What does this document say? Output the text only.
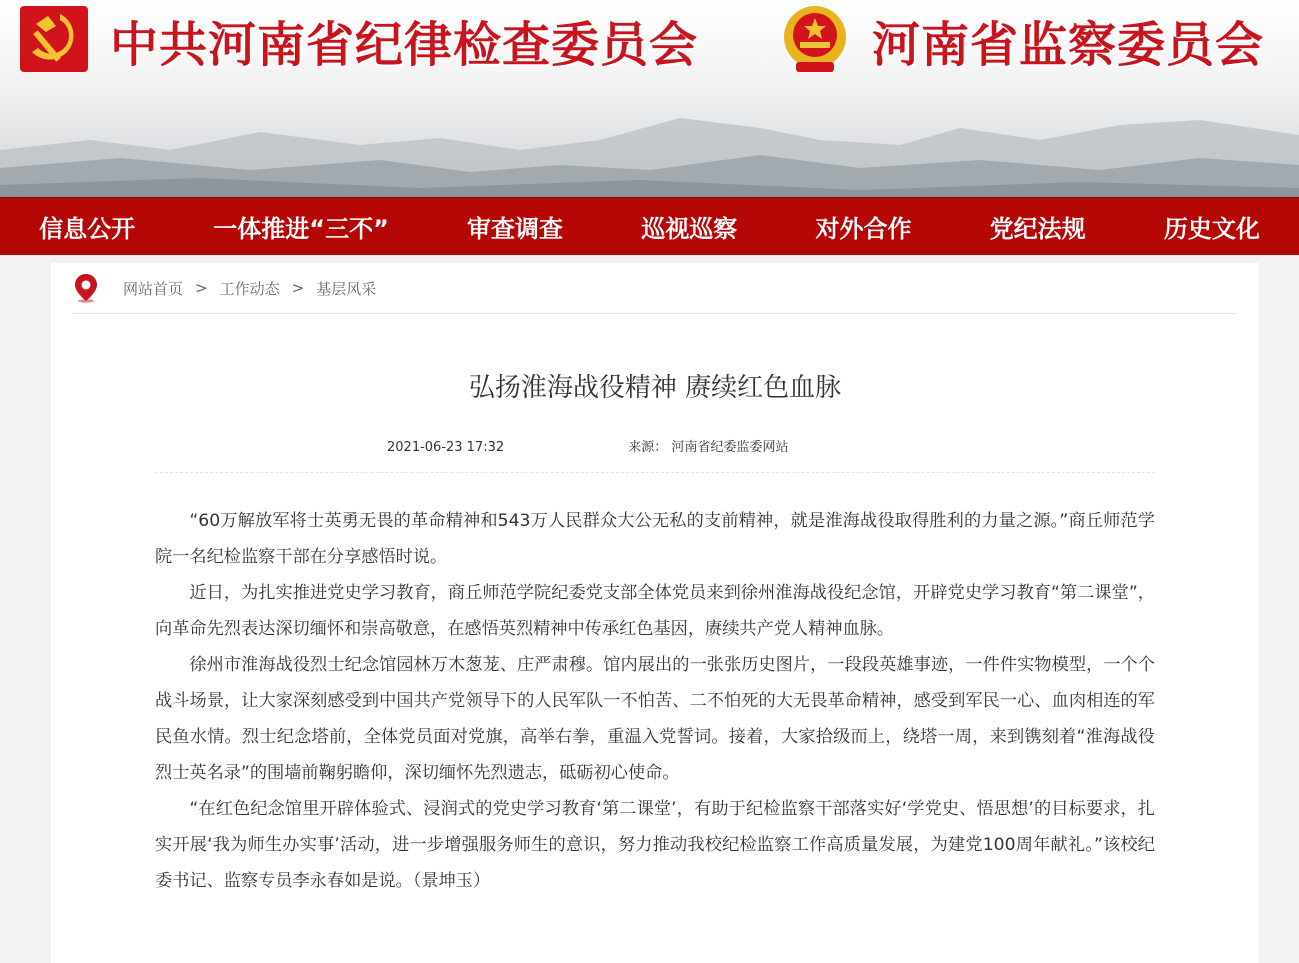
中共河南省纪律检查委员会	河南省监察委员会
信息公开	一体推进“三不”	审查调查	巡视巡察	对外合作	党纪法规	历史文化
网站首页 > 工作动态 > 基层风采
弘扬淮海战役精神 赓续红色血脉
2021-06-23 17:32	来源： 河南省纪委监委网站

“60万解放军将士英勇无畏的革命精神和543万人民群众大公无私的支前精神，就是淮海战役取得胜利的力量之源。”商丘师范学院一名纪检监察干部在分享感悟时说。

近日，为扎实推进党史学习教育，商丘师范学院纪委党支部全体党员来到徐州淮海战役纪念馆，开辟党史学习教育“第二课堂”，向革命先烈表达深切缅怀和崇高敬意，在感悟英烈精神中传承红色基因，赓续共产党人精神血脉。

徐州市淮海战役烈士纪念馆园林万木葱茏、庄严肃穆。馆内展出的一张张历史图片，一段段英雄事迹，一件件实物模型，一个个战斗场景，让大家深刻感受到中国共产党领导下的人民军队一不怕苦、二不怕死的大无畏革命精神，感受到军民一心、血肉相连的军民鱼水情。烈士纪念塔前，全体党员面对党旗，高举右拳，重温入党誓词。接着，大家拾级而上，绕塔一周，来到镌刻着“淮海战役烈士英名录”的围墙前鞠躬瞻仰，深切缅怀先烈遗志，砥砺初心使命。

“在红色纪念馆里开辟体验式、浸润式的党史学习教育‘第二课堂’，有助于纪检监察干部落实好‘学党史、悟思想’的目标要求，扎实开展‘我为师生办实事’活动，进一步增强服务师生的意识，努力推动我校纪检监察工作高质量发展，为建党100周年献礼。”该校纪委书记、监察专员李永春如是说。（景坤玉）
